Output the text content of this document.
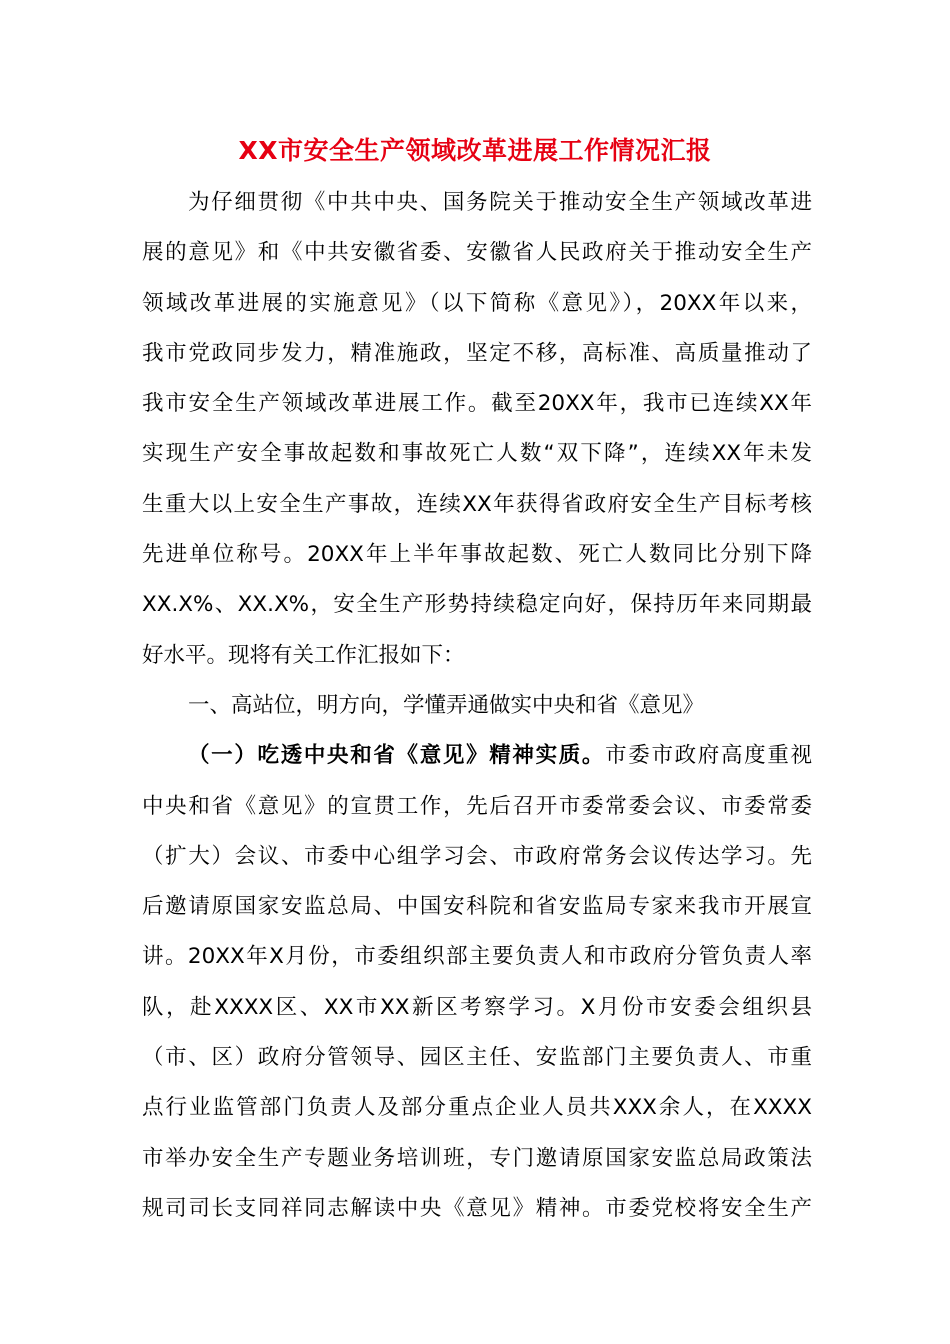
XX市安全生产领域改革进展工作情况汇报
为仔细贯彻《中共中央、国务院关于推动安全生产领域改革进
展的意见》和《中共安徽省委、安徽省人民政府关于推动安全生产
领域改革进展的实施意见》（以下简称《意见》），20XX年以来，
我市党政同步发力，精准施政，坚定不移，高标准、高质量推动了
我市安全生产领域改革进展工作。截至20XX年，我市已连续XX年
实现生产安全事故起数和事故死亡人数“双下降”，连续XX年未发
生重大以上安全生产事故，连续XX年获得省政府安全生产目标考核
先进单位称号。20XX年上半年事故起数、死亡人数同比分别下降
XX.X%、XX.X%，安全生产形势持续稳定向好，保持历年来同期最
好水平。现将有关工作汇报如下：
一、高站位，明方向，学懂弄通做实中央和省《意见》
（一）吃透中央和省《意见》精神实质。市委市政府高度重视
中央和省《意见》的宣贯工作，先后召开市委常委会议、市委常委
（扩大）会议、市委中心组学习会、市政府常务会议传达学习。先
后邀请原国家安监总局、中国安科院和省安监局专家来我市开展宣
讲。20XX年X月份，市委组织部主要负责人和市政府分管负责人率
队，赴XXXX区、XX市XX新区考察学习。X月份市安委会组织县
（市、区）政府分管领导、园区主任、安监部门主要负责人、市重
点行业监管部门负责人及部分重点企业人员共XXX余人，在XXXX
市举办安全生产专题业务培训班，专门邀请原国家安监总局政策法
规司司长支同祥同志解读中央《意见》精神。市委党校将安全生产
